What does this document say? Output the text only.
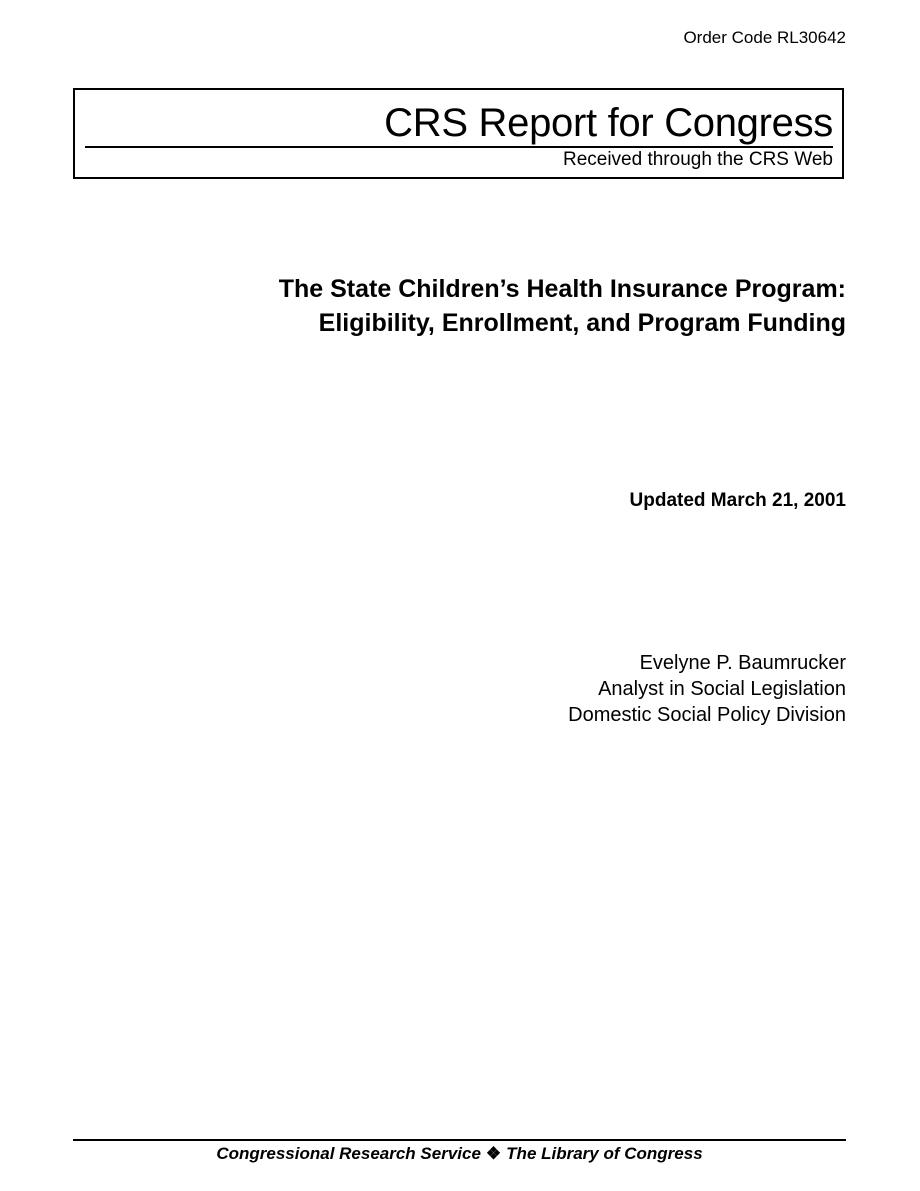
Order Code RL30642
CRS Report for Congress
Received through the CRS Web
The State Children’s Health Insurance Program:
Eligibility, Enrollment, and Program Funding
Updated March 21, 2001
Evelyne P. Baumrucker
Analyst in Social Legislation
Domestic Social Policy Division
Congressional Research Service ❖ The Library of Congress
